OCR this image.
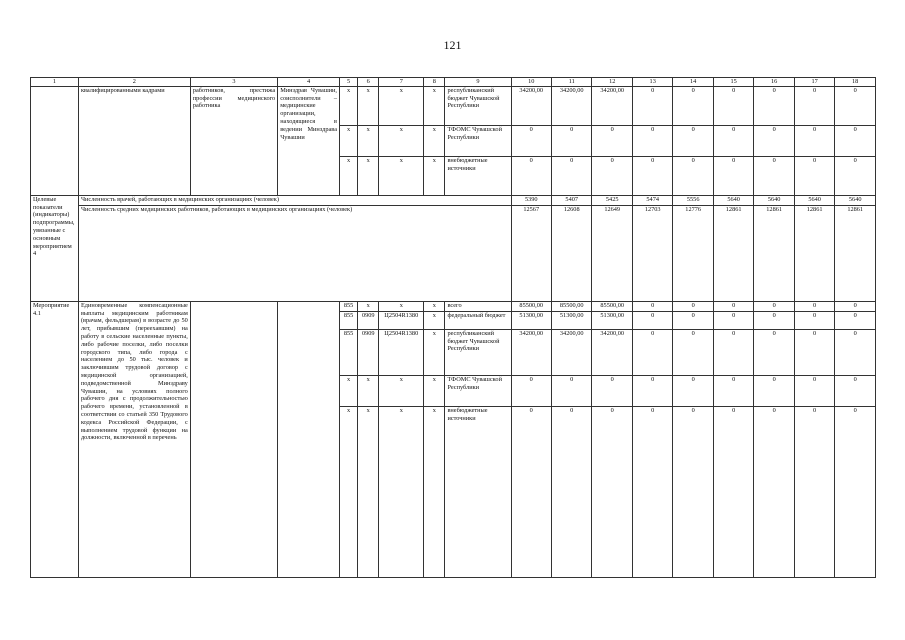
121
1	2	3	4	5	6	7	8	9	10	11	12	13	14	15	16	17	18
	квалифицированными кадрами	работников, престижа профессии медицинского работника	Минздрав Чувашии, соисполнители – медицинские организации, находящиеся в ведении Минздрава Чувашии	x	x	x	x	республиканский бюджет Чувашской Республики	34200,00	34200,00	34200,00	0	0	0	0	0	0
				x	x	x	x	ТФОМС Чувашской Республики	0	0	0	0	0	0	0	0	0
				x	x	x	x	внебюджетные источники	0	0	0	0	0	0	0	0	0
Целевые показатели (индикаторы) подпрограммы, увязанные с основным мероприятием 4	Численность врачей, работающих в медицинских организациях (человек)								5390	5407	5425	5474	5556	5640	5640	5640	5640
	Численность средних медицинских работников, работающих в медицинских организациях (человек)								12567	12608	12649	12703	12776	12861	12861	12861	12861
Мероприятие 4.1	Единовременные компенсационные выплаты медицинским работникам (врачам, фельдшерам) в возрасте до 50 лет, прибывшим (переехавшим) на работу в сельские населенные пункты, либо рабочие поселки, либо поселки городского типа, либо города с населением до 50 тыс. человек и заключившим трудовой договор с медицинской организацией, подведомственной Минздраву Чувашии, на условиях полного рабочего дня с продолжительностью рабочего времени, установленной в соответствии со статьей 350 Трудового кодекса Российской Федерации, с выполнением трудовой функции на должности, включенной в перечень			855	x	x	x	всего	85500,00	85500,00	85500,00	0	0	0	0	0	0
				855	0909	Ц2504R1380	x	федеральный бюджет	51300,00	51300,00	51300,00	0	0	0	0	0	0
				855	0909	Ц2504R1380	x	республиканский бюджет Чувашской Республики	34200,00	34200,00	34200,00	0	0	0	0	0	0
				x	x	x	x	ТФОМС Чувашской Республики	0	0	0	0	0	0	0	0	0
				x	x	x	x	внебюджетные источники	0	0	0	0	0	0	0	0	0
